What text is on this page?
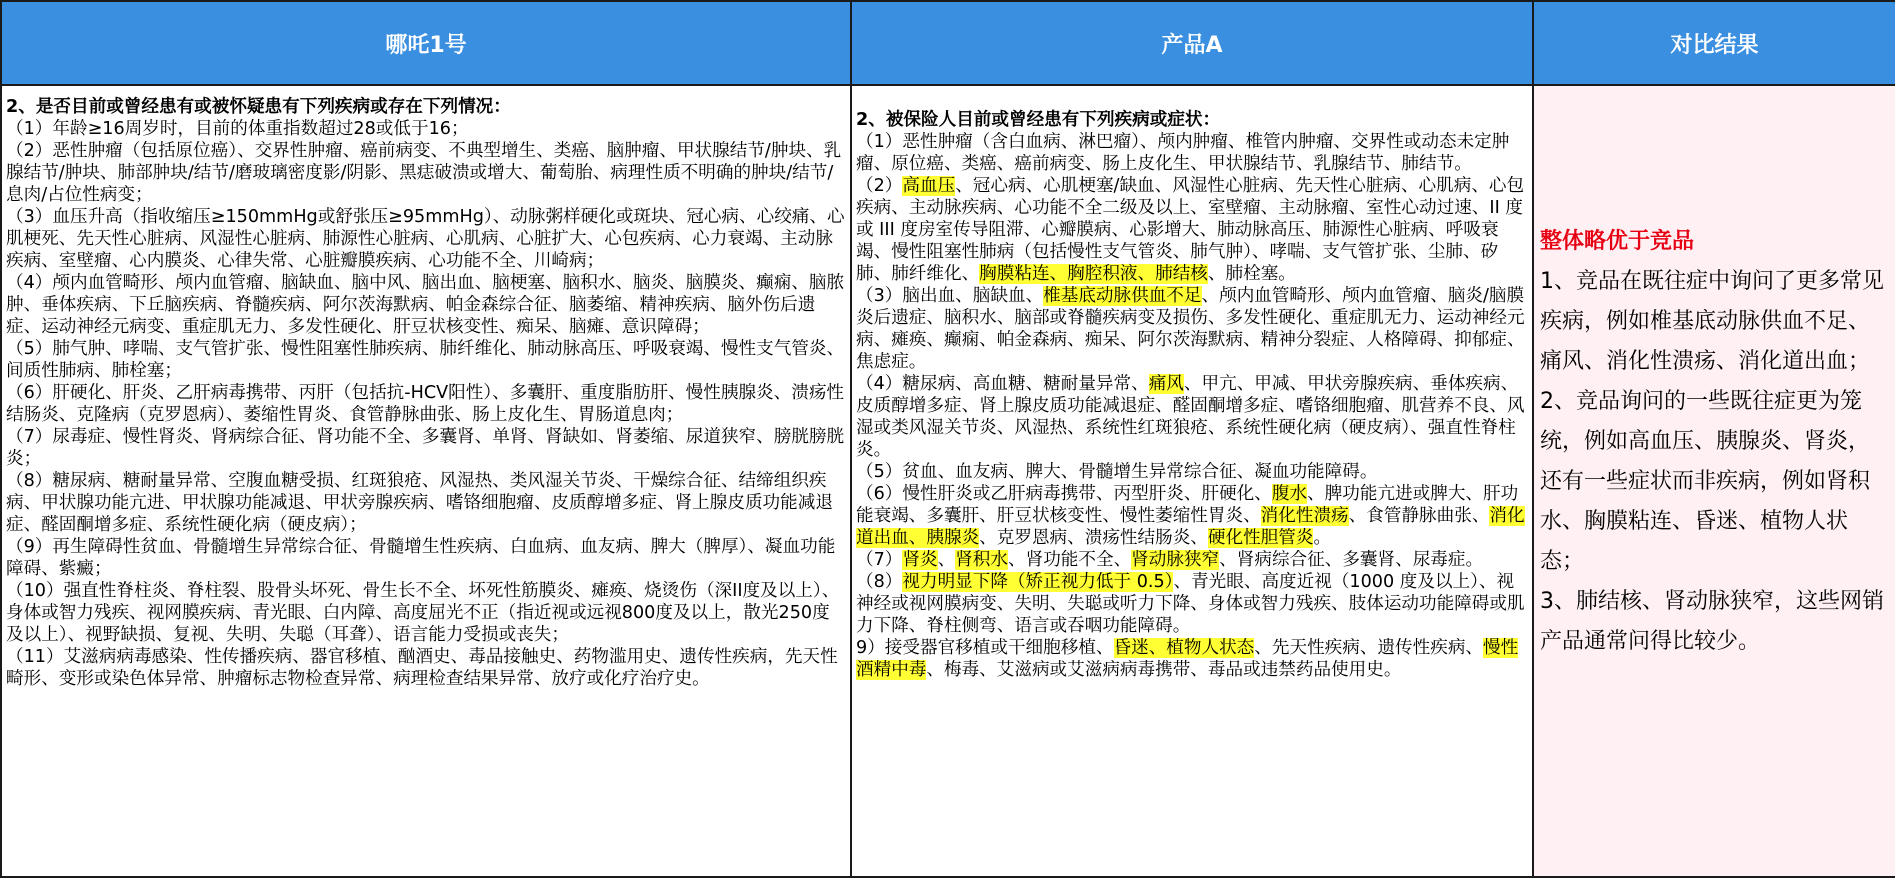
哪吒1号	产品A	对比结果
2、是否目前或曾经患有或被怀疑患有下列疾病或存在下列情况：
（1）年龄≥16周岁时，目前的体重指数超过28或低于16；
（2）恶性肿瘤（包括原位癌）、交界性肿瘤、癌前病变、不典型增生、类癌、脑肿瘤、甲状腺结节/肿块、乳腺结节/肿块、肺部肿块/结节/磨玻璃密度影/阴影、黑痣破溃或增大、葡萄胎、病理性质不明确的肿块/结节/息肉/占位性病变；
（3）血压升高（指收缩压≥150mmHg或舒张压≥95mmHg）、动脉粥样硬化或斑块、冠心病、心绞痛、心肌梗死、先天性心脏病、风湿性心脏病、肺源性心脏病、心肌病、心脏扩大、心包疾病、心力衰竭、主动脉疾病、室壁瘤、心内膜炎、心律失常、心脏瓣膜疾病、心功能不全、川崎病；
（4）颅内血管畸形、颅内血管瘤、脑缺血、脑中风、脑出血、脑梗塞、脑积水、脑炎、脑膜炎、癫痫、脑脓肿、垂体疾病、下丘脑疾病、脊髓疾病、阿尔茨海默病、帕金森综合征、脑萎缩、精神疾病、脑外伤后遗症、运动神经元病变、重症肌无力、多发性硬化、肝豆状核变性、痴呆、脑瘫、意识障碍；
（5）肺气肿、哮喘、支气管扩张、慢性阻塞性肺疾病、肺纤维化、肺动脉高压、呼吸衰竭、慢性支气管炎、间质性肺病、肺栓塞；
（6）肝硬化、肝炎、乙肝病毒携带、丙肝（包括抗-HCV阳性）、多囊肝、重度脂肪肝、慢性胰腺炎、溃疡性结肠炎、克隆病（克罗恩病）、萎缩性胃炎、食管静脉曲张、肠上皮化生、胃肠道息肉；
（7）尿毒症、慢性肾炎、肾病综合征、肾功能不全、多囊肾、单肾、肾缺如、肾萎缩、尿道狭窄、膀胱膀胱炎；
（8）糖尿病、糖耐量异常、空腹血糖受损、红斑狼疮、风湿热、类风湿关节炎、干燥综合征、结缔组织疾病、甲状腺功能亢进、甲状腺功能减退、甲状旁腺疾病、嗜铬细胞瘤、皮质醇增多症、肾上腺皮质功能减退症、醛固酮增多症、系统性硬化病（硬皮病）；
（9）再生障碍性贫血、骨髓增生异常综合征、骨髓增生性疾病、白血病、血友病、脾大（脾厚）、凝血功能障碍、紫癜；
（10）强直性脊柱炎、脊柱裂、股骨头坏死、骨生长不全、坏死性筋膜炎、瘫痪、烧烫伤（深II度及以上）、身体或智力残疾、视网膜疾病、青光眼、白内障、高度屈光不正（指近视或远视800度及以上，散光250度及以上）、视野缺损、复视、失明、失聪（耳聋）、语言能力受损或丧失；
（11）艾滋病病毒感染、性传播疾病、器官移植、酗酒史、毒品接触史、药物滥用史、遗传性疾病，先天性畸形、变形或染色体异常、肿瘤标志物检查异常、病理检查结果异常、放疗或化疗治疗史。
2、被保险人目前或曾经患有下列疾病或症状：
（1）恶性肿瘤（含白血病、淋巴瘤）、颅内肿瘤、椎管内肿瘤、交界性或动态未定肿瘤、原位癌、类癌、癌前病变、肠上皮化生、甲状腺结节、乳腺结节、肺结节。
（2）高血压、冠心病、心肌梗塞/缺血、风湿性心脏病、先天性心脏病、心肌病、心包疾病、主动脉疾病、心功能不全二级及以上、室壁瘤、主动脉瘤、室性心动过速、II 度或 III 度房室传导阻滞、心瓣膜病、心影增大、肺动脉高压、肺源性心脏病、呼吸衰竭、慢性阻塞性肺病（包括慢性支气管炎、肺气肿）、哮喘、支气管扩张、尘肺、矽肺、肺纤维化、胸膜粘连、胸腔积液、肺结核、肺栓塞。
（3）脑出血、脑缺血、椎基底动脉供血不足、颅内血管畸形、颅内血管瘤、脑炎/脑膜炎后遗症、脑积水、脑部或脊髓疾病变及损伤、多发性硬化、重症肌无力、运动神经元病、瘫痪、癫痫、帕金森病、痴呆、阿尔茨海默病、精神分裂症、人格障碍、抑郁症、焦虑症。
（4）糖尿病、高血糖、糖耐量异常、痛风、甲亢、甲减、甲状旁腺疾病、垂体疾病、皮质醇增多症、肾上腺皮质功能减退症、醛固酮增多症、嗜铬细胞瘤、肌营养不良、风湿或类风湿关节炎、风湿热、系统性红斑狼疮、系统性硬化病（硬皮病）、强直性脊柱炎。
（5）贫血、血友病、脾大、骨髓增生异常综合征、凝血功能障碍。
（6）慢性肝炎或乙肝病毒携带、丙型肝炎、肝硬化、腹水、脾功能亢进或脾大、肝功能衰竭、多囊肝、肝豆状核变性、慢性萎缩性胃炎、消化性溃疡、食管静脉曲张、消化道出血、胰腺炎、克罗恩病、溃疡性结肠炎、硬化性胆管炎。
（7）肾炎、肾积水、肾功能不全、肾动脉狭窄、肾病综合征、多囊肾、尿毒症。
（8）视力明显下降（矫正视力低于 0.5）、青光眼、高度近视（1000 度及以上）、视神经或视网膜病变、失明、失聪或听力下降、身体或智力残疾、肢体运动功能障碍或肌力下降、脊柱侧弯、语言或吞咽功能障碍。
9）接受器官移植或干细胞移植、昏迷、植物人状态、先天性疾病、遗传性疾病、慢性酒精中毒、梅毒、艾滋病或艾滋病病毒携带、毒品或违禁药品使用史。
整体略优于竞品
1、竞品在既往症中询问了更多常见疾病，例如椎基底动脉供血不足、痛风、消化性溃疡、消化道出血；
2、竞品询问的一些既往症更为笼统，例如高血压、胰腺炎、肾炎，还有一些症状而非疾病，例如肾积水、胸膜粘连、昏迷、植物人状态；
3、肺结核、肾动脉狭窄，这些网销产品通常问得比较少。
